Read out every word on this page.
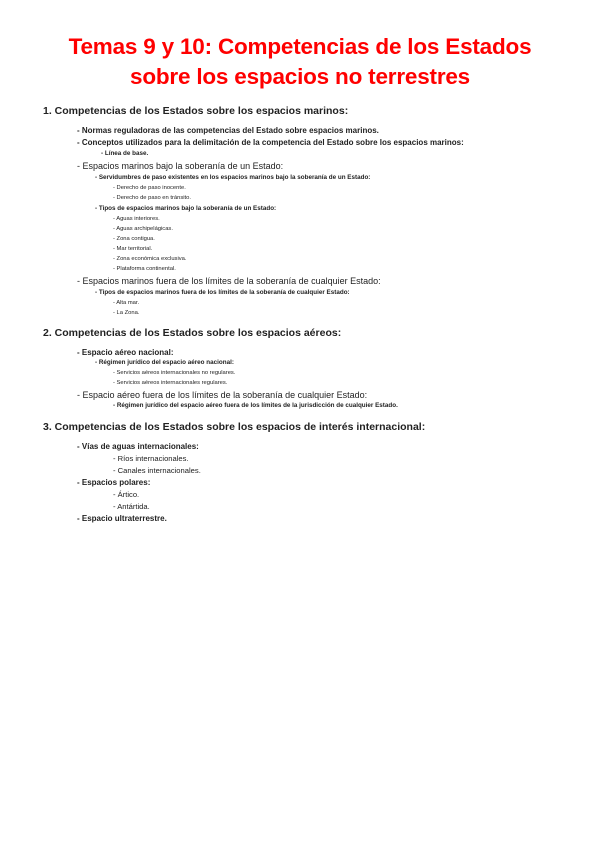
Temas 9 y 10: Competencias de los Estados
sobre los espacios no terrestres
1. Competencias de los Estados sobre los espacios marinos:
- Normas reguladoras de las competencias del Estado sobre espacios marinos.
- Conceptos utilizados para la delimitación de la competencia del Estado sobre los espacios marinos:
- Línea de base.
- Espacios marinos bajo la soberanía de un Estado:
- Servidumbres de paso existentes en los espacios marinos bajo la soberanía de un Estado:
- Derecho de paso inocente.
- Derecho de paso en tránsito.
- Tipos de espacios marinos bajo la soberanía de un Estado:
- Aguas interiores.
- Aguas archipelágicas.
- Zona contigua.
- Mar territorial.
- Zona económica exclusiva.
- Plataforma continental.
- Espacios marinos fuera de los límites de la soberanía de cualquier Estado:
- Tipos de espacios marinos fuera de los límites de la soberanía de cualquier Estado:
- Alta mar.
- La Zona.
2. Competencias de los Estados sobre los espacios aéreos:
- Espacio aéreo nacional:
- Régimen jurídico del espacio aéreo nacional:
- Servicios aéreos internacionales no regulares.
- Servicios aéreos internacionales regulares.
- Espacio aéreo fuera de los límites de la soberanía de cualquier Estado:
- Régimen jurídico del espacio aéreo fuera de los límites de la jurisdicción de cualquier Estado.
3. Competencias de los Estados sobre los espacios de interés internacional:
- Vías de aguas internacionales:
- Ríos internacionales.
- Canales internacionales.
- Espacios polares:
- Ártico.
- Antártida.
- Espacio ultraterrestre.
